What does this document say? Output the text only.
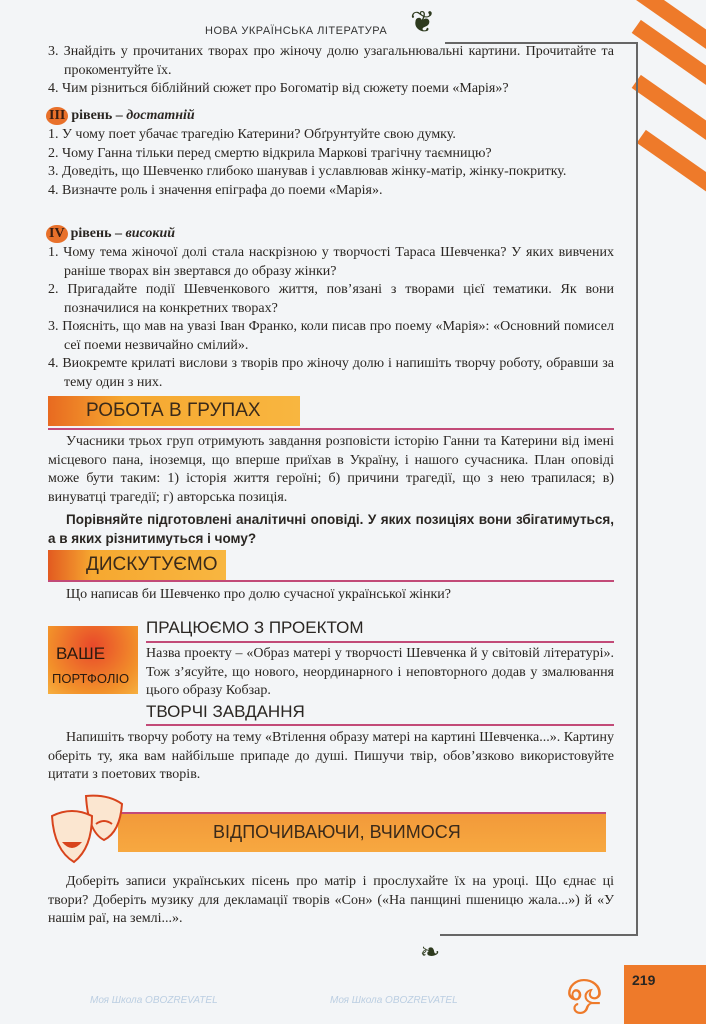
❦
❧
ஒ 219
Моя Школа OBOZREVATEL	Моя Школа OBOZREVATEL
НОВА УКРАЇНСЬКА ЛІТЕРАТУРА
3. Знайдіть у прочитаних творах про жіночу долю узагальнювальні картини. Прочитайте та прокоментуйте їх.
4. Чим різниться біблійний сюжет про Богоматір від сюжету поеми «Марія»?
III рівень – достатній
1. У чому поет убачає трагедію Катерини? Обґрунтуйте свою думку.
2. Чому Ганна тільки перед смертю відкрила Маркові трагічну таємницю?
3. Доведіть, що Шевченко глибоко шанував і уславлював жінку-матір, жінку-покритку.
4. Визначте роль і значення епіграфа до поеми «Марія».
IV рівень – високий
1. Чому тема жіночої долі стала наскрізною у творчості Тараса Шевченка? У яких вивчених раніше творах він звертався до образу жінки?
2. Пригадайте події Шевченкового життя, пов’язані з творами цієї тематики. Як вони позначилися на конкретних творах?
3. Поясніть, що мав на увазі Іван Франко, коли писав про поему «Марія»: «Основний помисел сеї поеми незвичайно смілий».
4. Виокремте крилаті вислови з творів про жіночу долю і напишіть творчу роботу, обравши за тему один з них.
РОБОТА В ГРУПАХ
Учасники трьох груп отримують завдання розповісти історію Ганни та Катерини від імені місцевого пана, іноземця, що вперше приїхав в Україну, і нашого сучасника. План оповіді може бути таким: 1) історія життя героїні; б) причини трагедії, що з нею трапилася; в) винуватці трагедії; г) авторська позиція.
Порівняйте підготовлені аналітичні оповіді. У яких позиціях вони збігатимуться, а в яких різнитимуться і чому?
ДИСКУТУЄМО
Що написав би Шевченко про долю сучасної української жінки?
ВАШЕ
ПОРТФОЛІО
ПРАЦЮЄМО З ПРОЕКТОМ
Назва проекту – «Образ матері у творчості Шевченка й у світовій літературі». Тож з’ясуйте, що нового, неординарного і неповторного додав у змалювання цього образу Кобзар.
ТВОРЧІ ЗАВДАННЯ
Напишіть творчу роботу на тему «Втілення образу матері на картині Шевченка...». Картину оберіть ту, яка вам найбільше припаде до душі. Пишучи твір, обов’язково використовуйте цитати з поетових творів.
ВІДПОЧИВАЮЧИ, ВЧИМОСЯ
Доберіть записи українських пісень про матір і прослухайте їх на уроці. Що єднає ці твори? Доберіть музику для декламації творів «Сон» («На панщині пшеницю жала...») й «У нашім раї, на землі...».
